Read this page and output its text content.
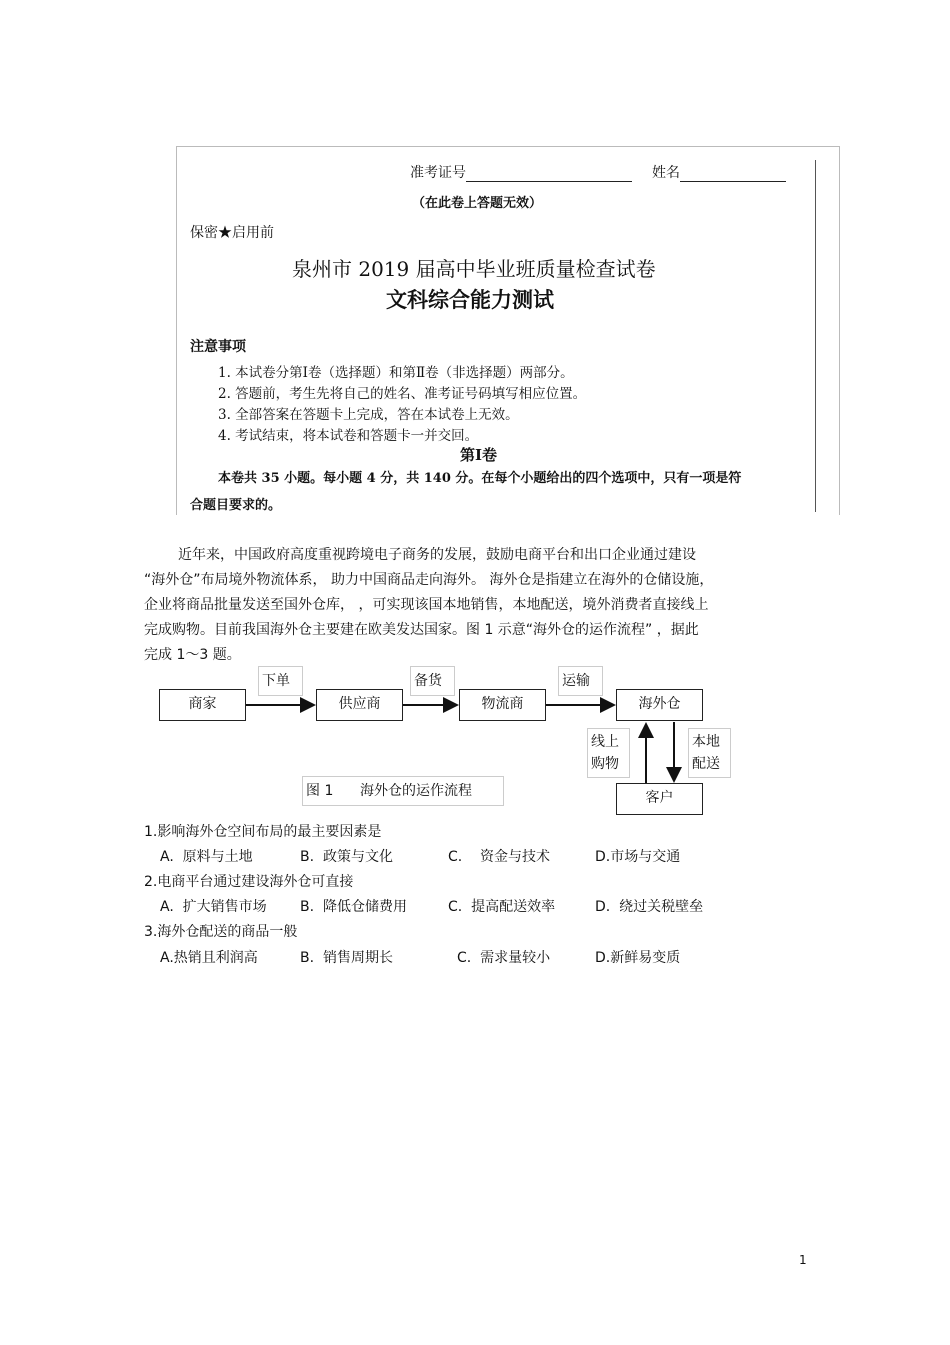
准考证号	姓名
（在此卷上答题无效）
保密★启用前
泉州市 2019 届高中毕业班质量检查试卷
文科综合能力测试
注意事项
1. 本试卷分第Ⅰ卷（选择题）和第Ⅱ卷（非选择题）两部分。
2. 答题前，考生先将自己的姓名、准考证号码填写相应位置。
3. 全部答案在答题卡上完成，答在本试卷上无效。
4. 考试结束，将本试卷和答题卡一并交回。
第Ⅰ卷
本卷共 35 小题。每小题 4 分，共 140 分。在每个小题给出的四个选项中，只有一项是符
合题目要求的。
近年来，中国政府高度重视跨境电子商务的发展，鼓励电商平台和出口企业通过建设
“海外仓”布局境外物流体系， 助力中国商品走向海外。 海外仓是指建立在海外的仓储设施，
企业将商品批量发送至国外仓库， ，可实现该国本地销售，本地配送，境外消费者直接线上
完成购物。目前我国海外仓主要建在欧美发达国家。图 1 示意“海外仓的运作流程” ，据此
完成 1～3 题。
商家	供应商	物流商	海外仓
客户
下单	备货	运输
线上
购物
本地
配送
图 1      海外仓的运作流程
1.影响海外仓空间布局的最主要因素是
A.  原料与土地	B.  政策与文化	C.    资金与技术	D.市场与交通
2.电商平台通过建设海外仓可直接
A.  扩大销售市场 B.  降低仓储费用	C.  提高配送效率	D.  绕过关税壁垒
3.海外仓配送的商品一般
A.热销且利润高	B.  销售周期长	C.  需求量较小	D.新鲜易变质
1
